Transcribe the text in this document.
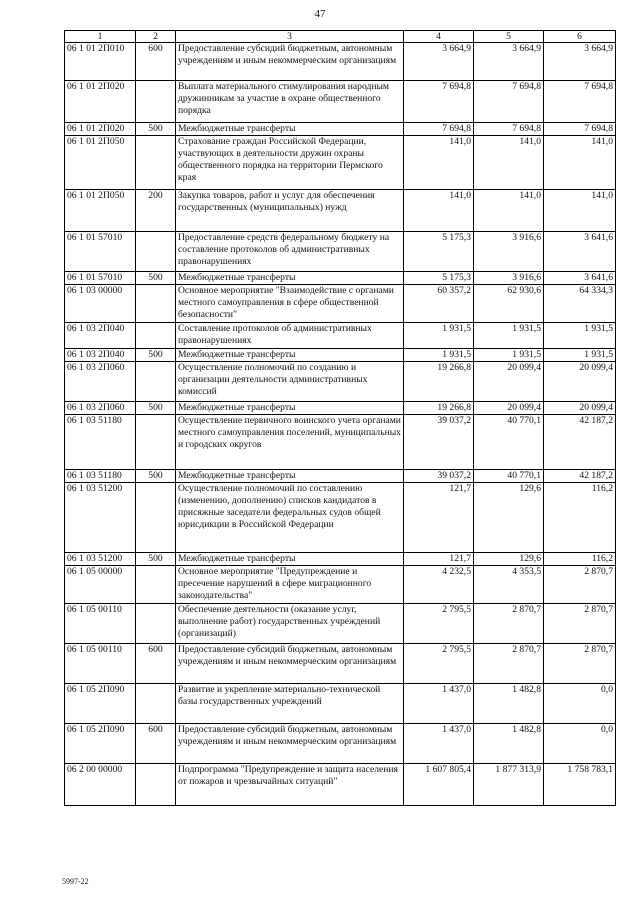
47
1	2	3	4	5	6
06 1 01 2П010	600	Предоставление субсидий бюджетным, автономным учреждениям и иным некоммерческим организациям	3 664,9	3 664,9	3 664,9
06 1 01 2П020		Выплата материального стимулирования народным дружинникам за участие в охране общественного порядка	7 694,8	7 694,8	7 694,8
06 1 01 2П020	500	Межбюджетные трансферты	7 694,8	7 694,8	7 694,8
06 1 01 2П050		Страхование граждан Российской Федерации, участвующих в деятельности дружин охраны общественного порядка на территории Пермского края	141,0	141,0	141,0
06 1 01 2П050	200	Закупка товаров, работ и услуг для обеспечения государственных (муниципальных) нужд	141,0	141,0	141,0
06 1 01 57010		Предоставление средств федеральному бюджету на составление протоколов об административных правонарушениях	5 175,3	3 916,6	3 641,6
06 1 01 57010	500	Межбюджетные трансферты	5 175,3	3 916,6	3 641,6
06 1 03 00000		Основное мероприятие "Взаимодействие с органами местного самоуправления в сфере общественной безопасности"	60 357,2	62 930,6	64 334,3
06 1 03 2П040		Составление протоколов об административных правонарушениях	1 931,5	1 931,5	1 931,5
06 1 03 2П040	500	Межбюджетные трансферты	1 931,5	1 931,5	1 931,5
06 1 03 2П060		Осуществление полномочий по созданию и организации деятельности административных комиссий	19 266,8	20 099,4	20 099,4
06 1 03 2П060	500	Межбюджетные трансферты	19 266,8	20 099,4	20 099,4
06 1 03 51180		Осуществление первичного воинского учета органами местного самоуправления поселений, муниципальных и городских округов	39 037,2	40 770,1	42 187,2
06 1 03 51180	500	Межбюджетные трансферты	39 037,2	40 770,1	42 187,2
06 1 03 51200		Осуществление полномочий по составлению (изменению, дополнению) списков кандидатов в присяжные заседатели федеральных судов общей юрисдикции в Российской Федерации	121,7	129,6	116,2
06 1 03 51200	500	Межбюджетные трансферты	121,7	129,6	116,2
06 1 05 00000		Основное мероприятие "Предупреждение и пресечение нарушений в сфере миграционного законодательства"	4 232,5	4 353,5	2 870,7
06 1 05 00110		Обеспечение деятельности (оказание услуг, выполнение работ) государственных учреждений (организаций)	2 795,5	2 870,7	2 870,7
06 1 05 00110	600	Предоставление субсидий бюджетным, автономным учреждениям и иным некоммерческим организациям	2 795,5	2 870,7	2 870,7
06 1 05 2П090		Развитие и укрепление материально-технической базы государственных учреждений	1 437,0	1 482,8	0,0
06 1 05 2П090	600	Предоставление субсидий бюджетным, автономным учреждениям и иным некоммерческим организациям	1 437,0	1 482,8	0,0
06 2 00 00000		Подпрограмма "Предупреждение и защита населения от пожаров и чрезвычайных ситуаций"	1 607 805,4	1 877 313,9	1 758 783,1
5997-22
